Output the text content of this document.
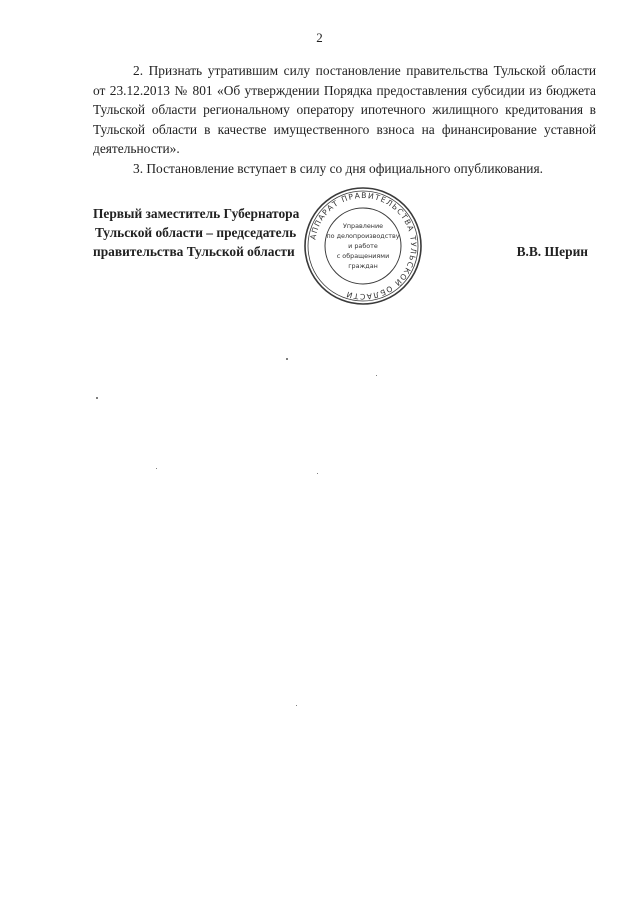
2

2. Признать утратившим силу постановление правительства Тульской области от 23.12.2013 № 801 «Об утверждении Порядка предоставления субсидии из бюджета Тульской области региональному оператору ипотечного жилищного кредитования в Тульской области в качестве имущественного взноса на финансирование уставной деятельности».

3. Постановление вступает в силу со дня официального опубликования.

Первый заместитель Губернатора
Тульской области – председатель
правительства Тульской области	В.В. Шерин
АППАРАТ ПРАВИТЕЛЬСТВА ТУЛЬСКОЙ ОБЛАСТИ
Управление
по делопроизводству
и работе
с обращениями
граждан
